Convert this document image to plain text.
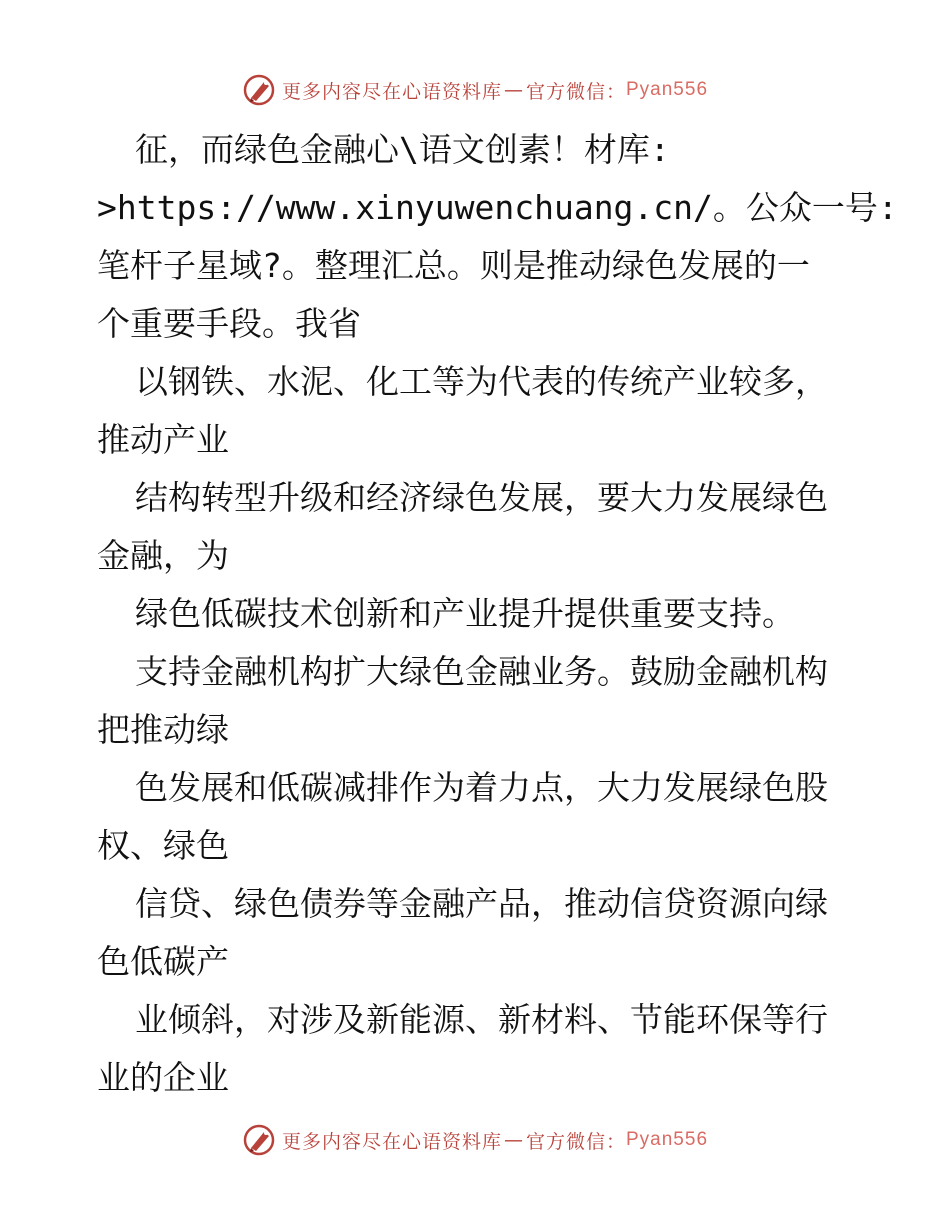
更多内容尽在心语资料库 — 官方微信： Pyan556
征，而绿色金融心\语文创素！材库:
>https://www.xinyuwenchuang.cn/。公众一号:
笔杆子星域?。整理汇总。则是推动绿色发展的一
个重要手段。我省
以钢铁、水泥、化工等为代表的传统产业较多，
推动产业
结构转型升级和经济绿色发展，要大力发展绿色
金融，为
绿色低碳技术创新和产业提升提供重要支持。
支持金融机构扩大绿色金融业务。鼓励金融机构
把推动绿
色发展和低碳减排作为着力点，大力发展绿色股
权、绿色
信贷、绿色债券等金融产品，推动信贷资源向绿
色低碳产
业倾斜，对涉及新能源、新材料、节能环保等行
业的企业
更多内容尽在心语资料库 — 官方微信： Pyan556
